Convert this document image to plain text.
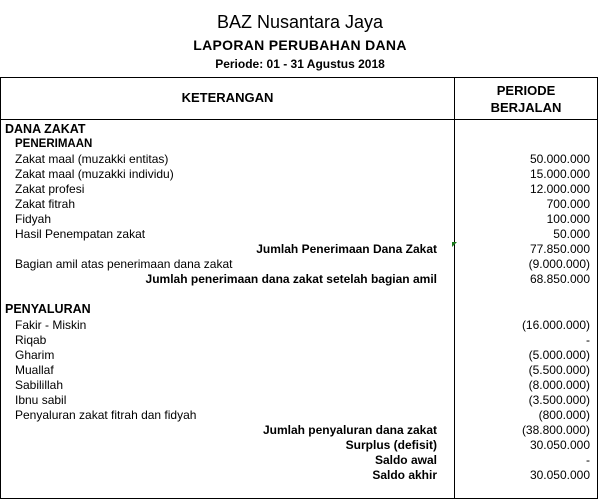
BAZ Nusantara Jaya
LAPORAN PERUBAHAN DANA
Periode: 01 - 31 Agustus 2018
KETERANGAN	PERIODE
BERJALAN
DANA ZAKAT
PENERIMAAN
Zakat maal (muzakki entitas)	50.000.000
Zakat maal (muzakki individu)	15.000.000
Zakat profesi	12.000.000
Zakat fitrah	700.000
Fidyah	100.000
Hasil Penempatan zakat	50.000
Jumlah Penerimaan Dana Zakat	77.850.000
Bagian amil atas penerimaan dana zakat	(9.000.000)
Jumlah penerimaan dana zakat setelah bagian amil	68.850.000
PENYALURAN
Fakir - Miskin	(16.000.000)
Riqab	-
Gharim	(5.000.000)
Muallaf	(5.500.000)
Sabilillah	(8.000.000)
Ibnu sabil	(3.500.000)
Penyaluran zakat fitrah dan fidyah	(800.000)
Jumlah penyaluran dana zakat	(38.800.000)
Surplus (defisit)	30.050.000
Saldo awal	-
Saldo akhir	30.050.000
